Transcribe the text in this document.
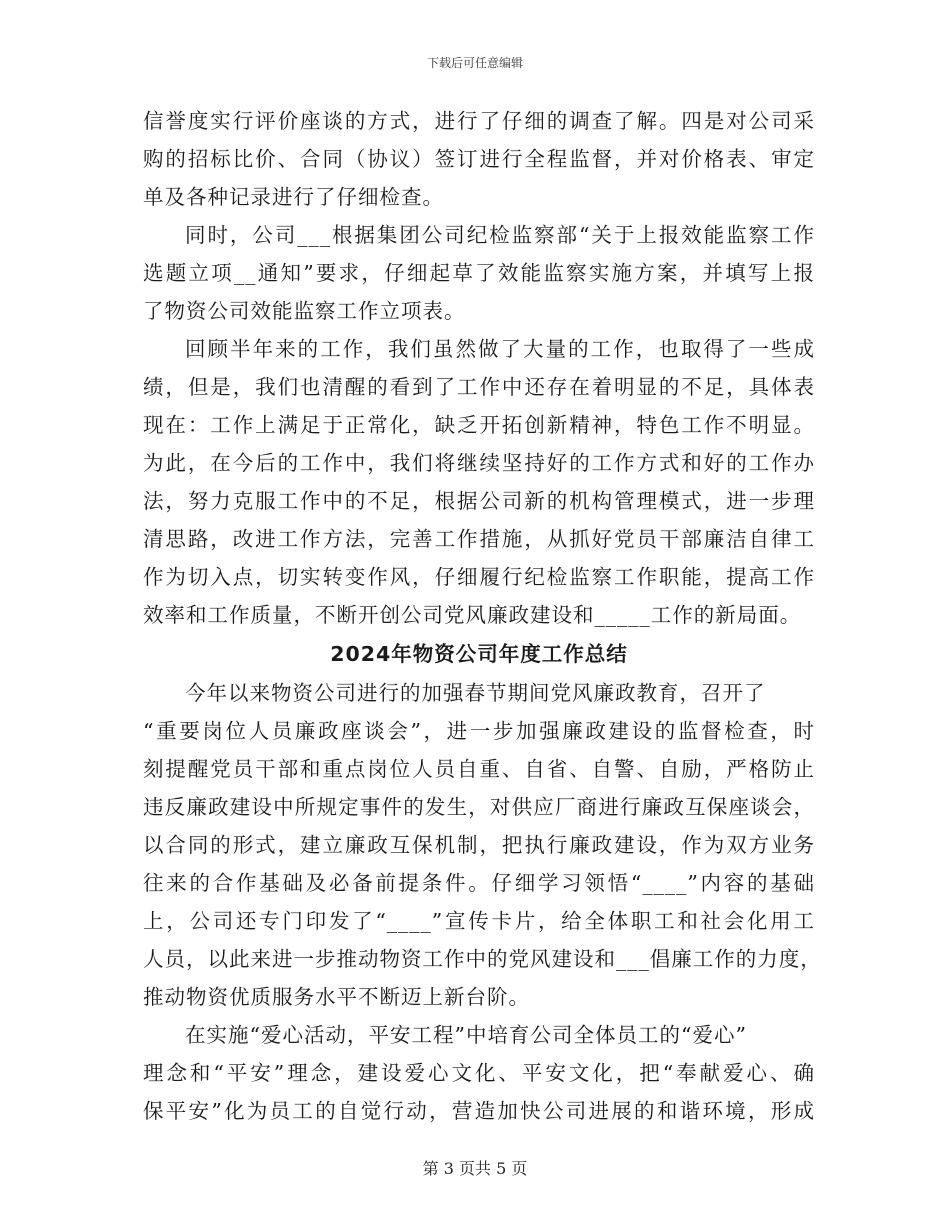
下载后可任意编辑
信誉度实行评价座谈的方式，进行了仔细的调查了解。四是对公司采
购的招标比价、合同（协议）签订进行全程监督，并对价格表、审定
单及各种记录进行了仔细检查。
同时，公司___根据集团公司纪检监察部“关于上报效能监察工作
选题立项__通知”要求，仔细起草了效能监察实施方案，并填写上报
了物资公司效能监察工作立项表。
回顾半年来的工作，我们虽然做了大量的工作，也取得了一些成
绩，但是，我们也清醒的看到了工作中还存在着明显的不足，具体表
现在：工作上满足于正常化，缺乏开拓创新精神，特色工作不明显。
为此，在今后的工作中，我们将继续坚持好的工作方式和好的工作办
法，努力克服工作中的不足，根据公司新的机构管理模式，进一步理
清思路，改进工作方法，完善工作措施，从抓好党员干部廉洁自律工
作为切入点，切实转变作风，仔细履行纪检监察工作职能，提高工作
效率和工作质量，不断开创公司党风廉政建设和_____工作的新局面。
2024年物资公司年度工作总结
今年以来物资公司进行的加强春节期间党风廉政教育，召开了
“重要岗位人员廉政座谈会”，进一步加强廉政建设的监督检查，时
刻提醒党员干部和重点岗位人员自重、自省、自警、自励，严格防止
违反廉政建设中所规定事件的发生，对供应厂商进行廉政互保座谈会，
以合同的形式，建立廉政互保机制，把执行廉政建设，作为双方业务
往来的合作基础及必备前提条件。仔细学习领悟“____”内容的基础
上，公司还专门印发了“____”宣传卡片，给全体职工和社会化用工
人员，以此来进一步推动物资工作中的党风建设和___倡廉工作的力度，
推动物资优质服务水平不断迈上新台阶。
在实施“爱心活动，平安工程”中培育公司全体员工的“爱心”
理念和“平安”理念，建设爱心文化、平安文化，把“奉献爱心、确
保平安”化为员工的自觉行动，营造加快公司进展的和谐环境，形成
第 3 页共 5 页
